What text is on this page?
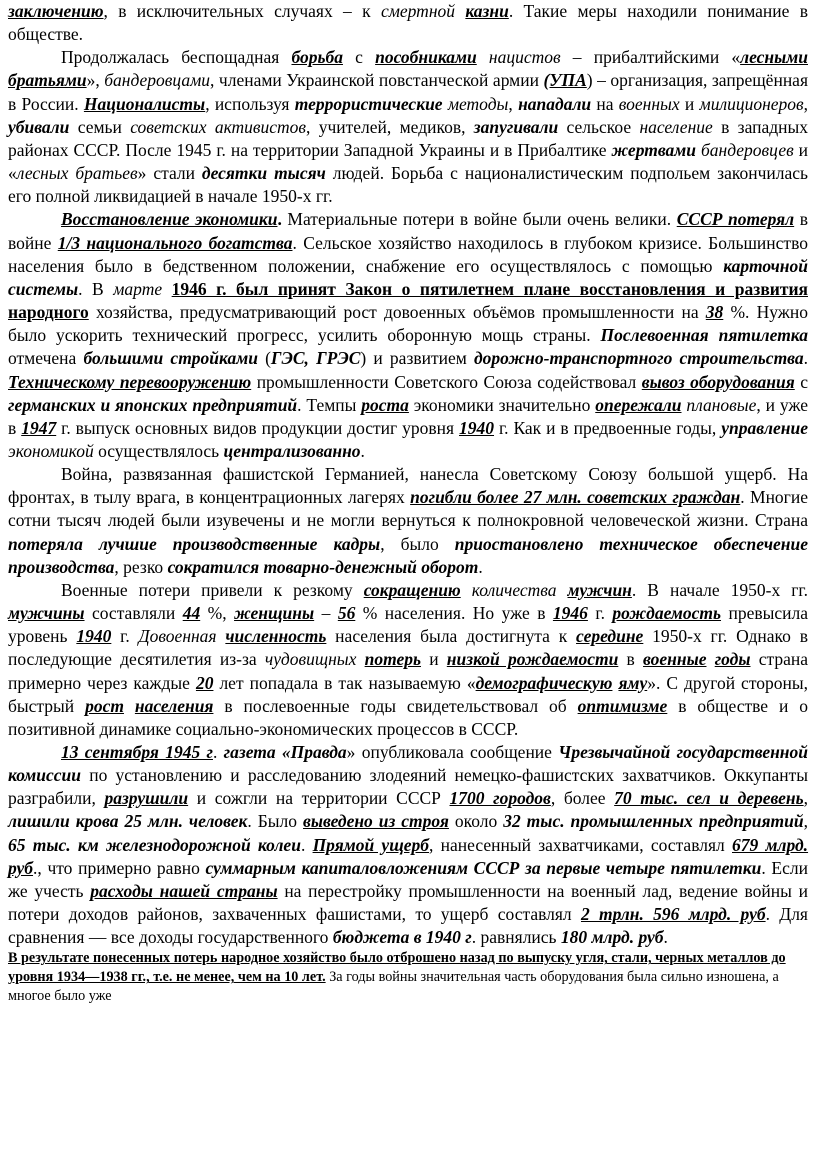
заключению, в исключительных случаях – к смертной казни. Такие меры находили понимание в обществе.

Продолжалась беспощадная борьба с пособниками нацистов – прибалтийскими «лесными братьями», бандеровцами, членами Украинской повстанческой армии (УПА) – организация, запрещённая в России. Националисты, используя террористические методы, нападали на военных и милиционеров, убивали семьи советских активистов, учителей, медиков, запугивали сельское население в западных районах СССР. После 1945 г. на территории Западной Украины и в Прибалтике жертвами бандеровцев и «лесных братьев» стали десятки тысяч людей. Борьба с националистическим подпольем закончилась его полной ликвидацией в начале 1950-х гг.

Восстановление экономики. Материальные потери в войне были очень велики. СССР потерял в войне 1/3 национального богатства. Сельское хозяйство находилось в глубоком кризисе. Большинство населения было в бедственном положении, снабжение его осуществлялось с помощью карточной системы. В марте 1946 г. был принят Закон о пятилетнем плане восстановления и развития народного хозяйства, предусматривающий рост довоенных объёмов промышленности на 38 %. Нужно было ускорить технический прогресс, усилить оборонную мощь страны. Послевоенная пятилетка отмечена большими стройками (ГЭС, ГРЭС) и развитием дорожно-транспортного строительства. Техническому перевооружению промышленности Советского Союза содействовал вывоз оборудования с германских и японских предприятий. Темпы роста экономики значительно опережали плановые, и уже в 1947 г. выпуск основных видов продукции достиг уровня 1940 г. Как и в предвоенные годы, управление экономикой осуществлялось централизованно.

Война, развязанная фашистской Германией, нанесла Советскому Союзу большой ущерб. На фронтах, в тылу врага, в концентрационных лагерях погибли более 27 млн. советских граждан. Многие сотни тысяч людей были изувечены и не могли вернуться к полнокровной человеческой жизни. Страна потеряла лучшие производственные кадры, было приостановлено техническое обеспечение производства, резко сократился товарно-денежный оборот.

Военные потери привели к резкому сокращению количества мужчин. В начале 1950-х гг. мужчины составляли 44 %, женщины – 56 % населения. Но уже в 1946 г. рождаемость превысила уровень 1940 г. Довоенная численность населения была достигнута к середине 1950-х гг. Однако в последующие десятилетия из-за чудовищных потерь и низкой рождаемости в военные годы страна примерно через каждые 20 лет попадала в так называемую «демографическую яму». С другой стороны, быстрый рост населения в послевоенные годы свидетельствовал об оптимизме в обществе и о позитивной динамике социально-экономических процессов в СССР.

13 сентября 1945 г. газета «Правда» опубликовала сообщение Чрезвычайной государственной комиссии по установлению и расследованию злодеяний немецко-фашистских захватчиков. Оккупанты разграбили, разрушили и сожгли на территории СССР 1700 городов, более 70 тыс. сел и деревень, лишили крова 25 млн. человек. Было выведено из строя около 32 тыс. промышленных предприятий, 65 тыс. км железнодорожной колеи. Прямой ущерб, нанесенный захватчиками, составлял 679 млрд. руб., что примерно равно суммарным капиталовложениям СССР за первые четыре пятилетки. Если же учесть расходы нашей страны на перестройку промышленности на военный лад, ведение войны и потери доходов районов, захваченных фашистами, то ущерб составлял 2 трлн. 596 млрд. руб. Для сравнения — все доходы государственного бюджета в 1940 г. равнялись 180 млрд. руб.

В результате понесенных потерь народное хозяйство было отброшено назад по выпуску угля, стали, черных металлов до уровня 1934—1938 гг., т.е. не менее, чем на 10 лет. За годы войны значительная часть оборудования была сильно изношена, а многое было уже
